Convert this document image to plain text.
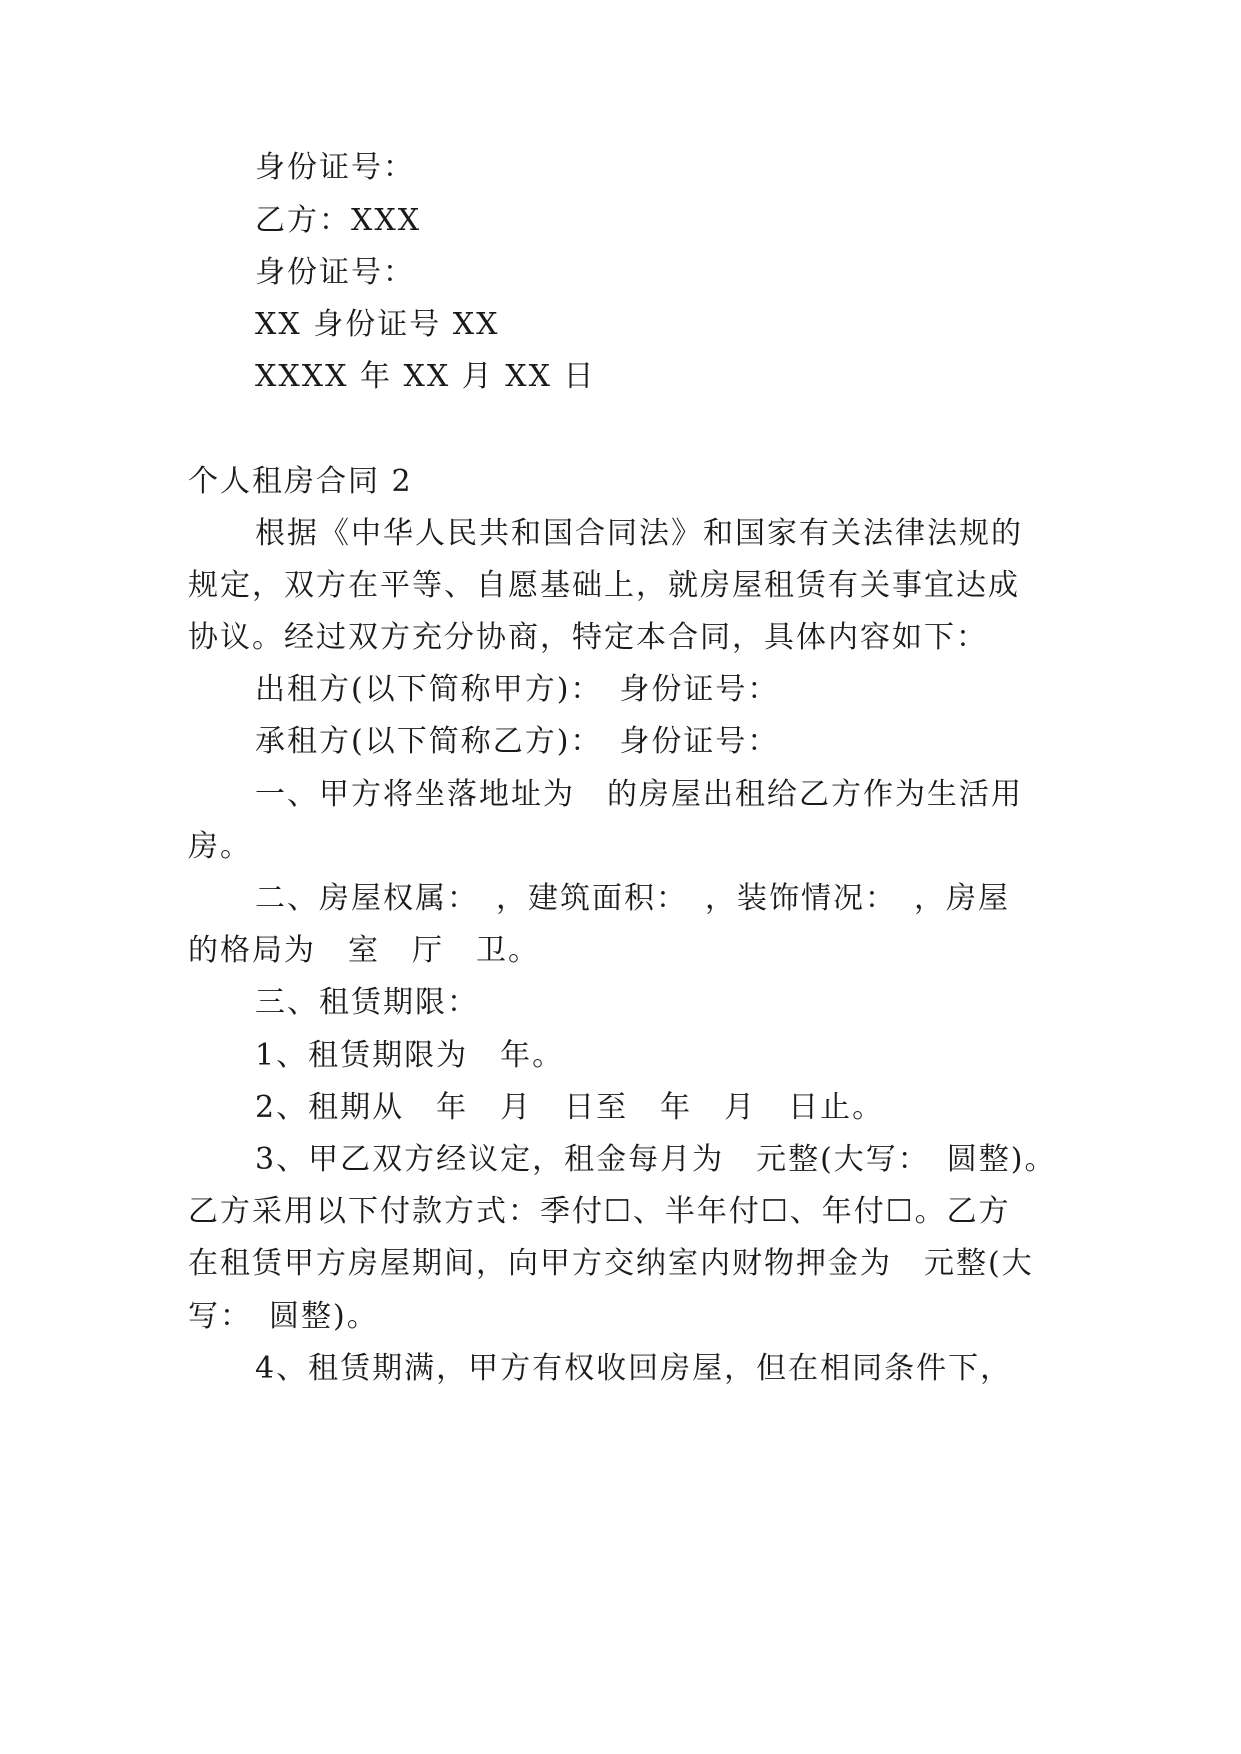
身份证号：
乙方：XXX
身份证号：
XX 身份证号 XX
XXXX 年 XX 月 XX 日
个人租房合同 2
根据《中华人民共和国合同法》和国家有关法律法规的
规定，双方在平等、自愿基础上，就房屋租赁有关事宜达成
协议。经过双方充分协商，特定本合同，具体内容如下：
出租方(以下简称甲方)：　身份证号：
承租方(以下简称乙方)：　身份证号：
一、甲方将坐落地址为　的房屋出租给乙方作为生活用
房。
二、房屋权属：　，建筑面积：　，装饰情况：　，房屋
的格局为　室　厅　卫。
三、租赁期限：
1、租赁期限为　年。
2、租期从　年　月　日至　年　月　日止。
3、甲乙双方经议定，租金每月为　元整(大写：　圆整)。
乙方采用以下付款方式：季付☐、半年付☐、年付☐。乙方
在租赁甲方房屋期间，向甲方交纳室内财物押金为　元整(大
写：　圆整)。
4、租赁期满，甲方有权收回房屋，但在相同条件下，
